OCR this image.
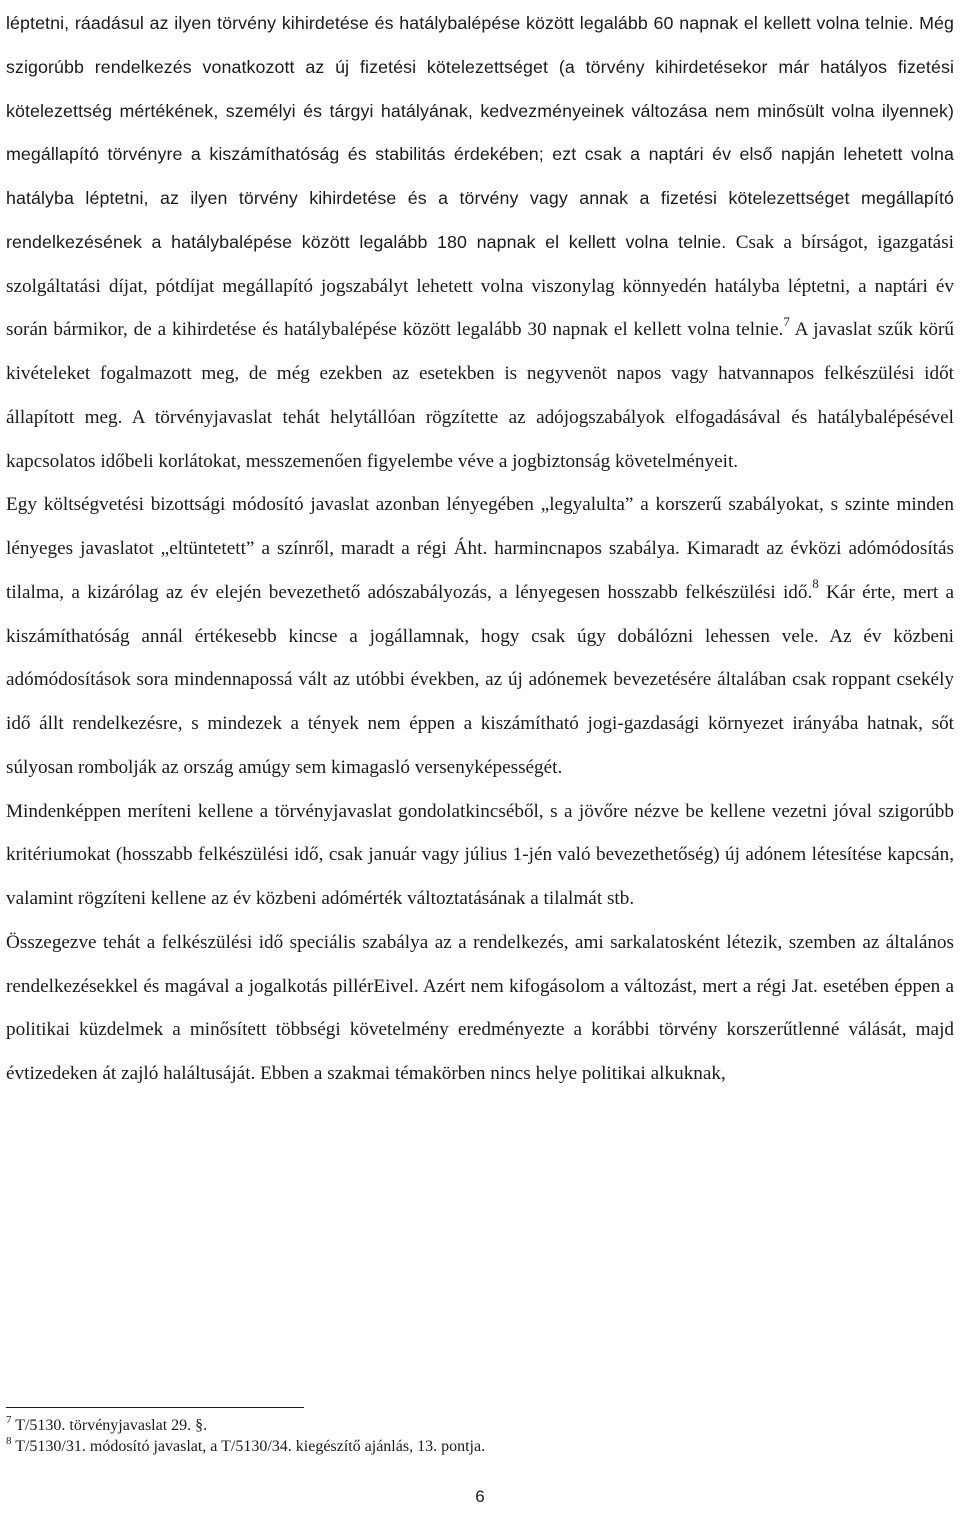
léptetni, ráadásul az ilyen törvény kihirdetése és hatálybalépése között legalább 60 napnak el kellett volna telnie. Még szigorúbb rendelkezés vonatkozott az új fizetési kötelezettséget (a törvény kihirdetésekor már hatályos fizetési kötelezettség mértékének, személyi és tárgyi hatályának, kedvezményeinek változása nem minősült volna ilyennek) megállapító törvényre a kiszámíthatóság és stabilitás érdekében; ezt csak a naptári év első napján lehetett volna hatályba léptetni, az ilyen törvény kihirdetése és a törvény vagy annak a fizetési kötelezettséget megállapító rendelkezésének a hatálybalépése között legalább 180 napnak el kellett volna telnie. Csak a bírságot, igazgatási szolgáltatási díjat, pótdíjat megállapító jogszabályt lehetett volna viszonylag könnyedén hatályba léptetni, a naptári év során bármikor, de a kihirdetése és hatálybalépése között legalább 30 napnak el kellett volna telnie.$^7$ A javaslat szűk körű kivételeket fogalmazott meg, de még ezekben az esetekben is negyvenöt napos vagy hatvannapos felkészülési időt állapított meg. A törvényjavaslat tehát helytállóan rögzítette az adójogszabályok elfogadásával és hatálybalépésével kapcsolatos időbeli korlátokat, messzemenően figyelembe véve a jogbiztonság követelményeit.

Egy költségvetési bizottsági módosító javaslat azonban lényegében „legyalulta” a korszerű szabályokat, s szinte minden lényeges javaslatot „eltüntetett” a színről, maradt a régi Áht. harmincnapos szabálya. Kimaradt az évközi adómódosítás tilalma, a kizárólag az év elején bevezethető adószabályozás, a lényegesen hosszabb felkészülési idő.$^8$ Kár érte, mert a kiszámíthatóság annál értékesebb kincse a jogállamnak, hogy csak úgy dobálózni lehessen vele. Az év közbeni adómódosítások sora mindennapossá vált az utóbbi években, az új adónemek bevezetésére általában csak roppant csekély idő állt rendelkezésre, s mindezek a tények nem éppen a kiszámítható jogi-gazdasági környezet irányába hatnak, sőt súlyosan rombolják az ország amúgy sem kimagasló versenyképességét.

Mindenképpen meríteni kellene a törvényjavaslat gondolatkincséből, s a jövőre nézve be kellene vezetni jóval szigorúbb kritériumokat (hosszabb felkészülési idő, csak január vagy július 1-jén való bevezethetőség) új adónem létesítése kapcsán, valamint rögzíteni kellene az év közbeni adómérték változtatásának a tilalmát stb.

Összegezve tehát a felkészülési idő speciális szabálya az a rendelkezés, ami sarkalatosként létezik, szemben az általános rendelkezésekkel és magával a jogalkotás pillérEivel. Azért nem kifogásolom a változást, mert a régi Jat. esetében éppen a politikai küzdelmek a minősített többségi követelmény eredményezte a korábbi törvény korszerűtlenné válását, majd évtizedeken át zajló haláltusáját. Ebben a szakmai témakörben nincs helye politikai alkuknak,

$^7$ T/5130. törvényjavaslat 29. §.
$^8$ T/5130/31. módosító javaslat, a T/5130/34. kiegészítő ajánlás, 13. pontja.
6
